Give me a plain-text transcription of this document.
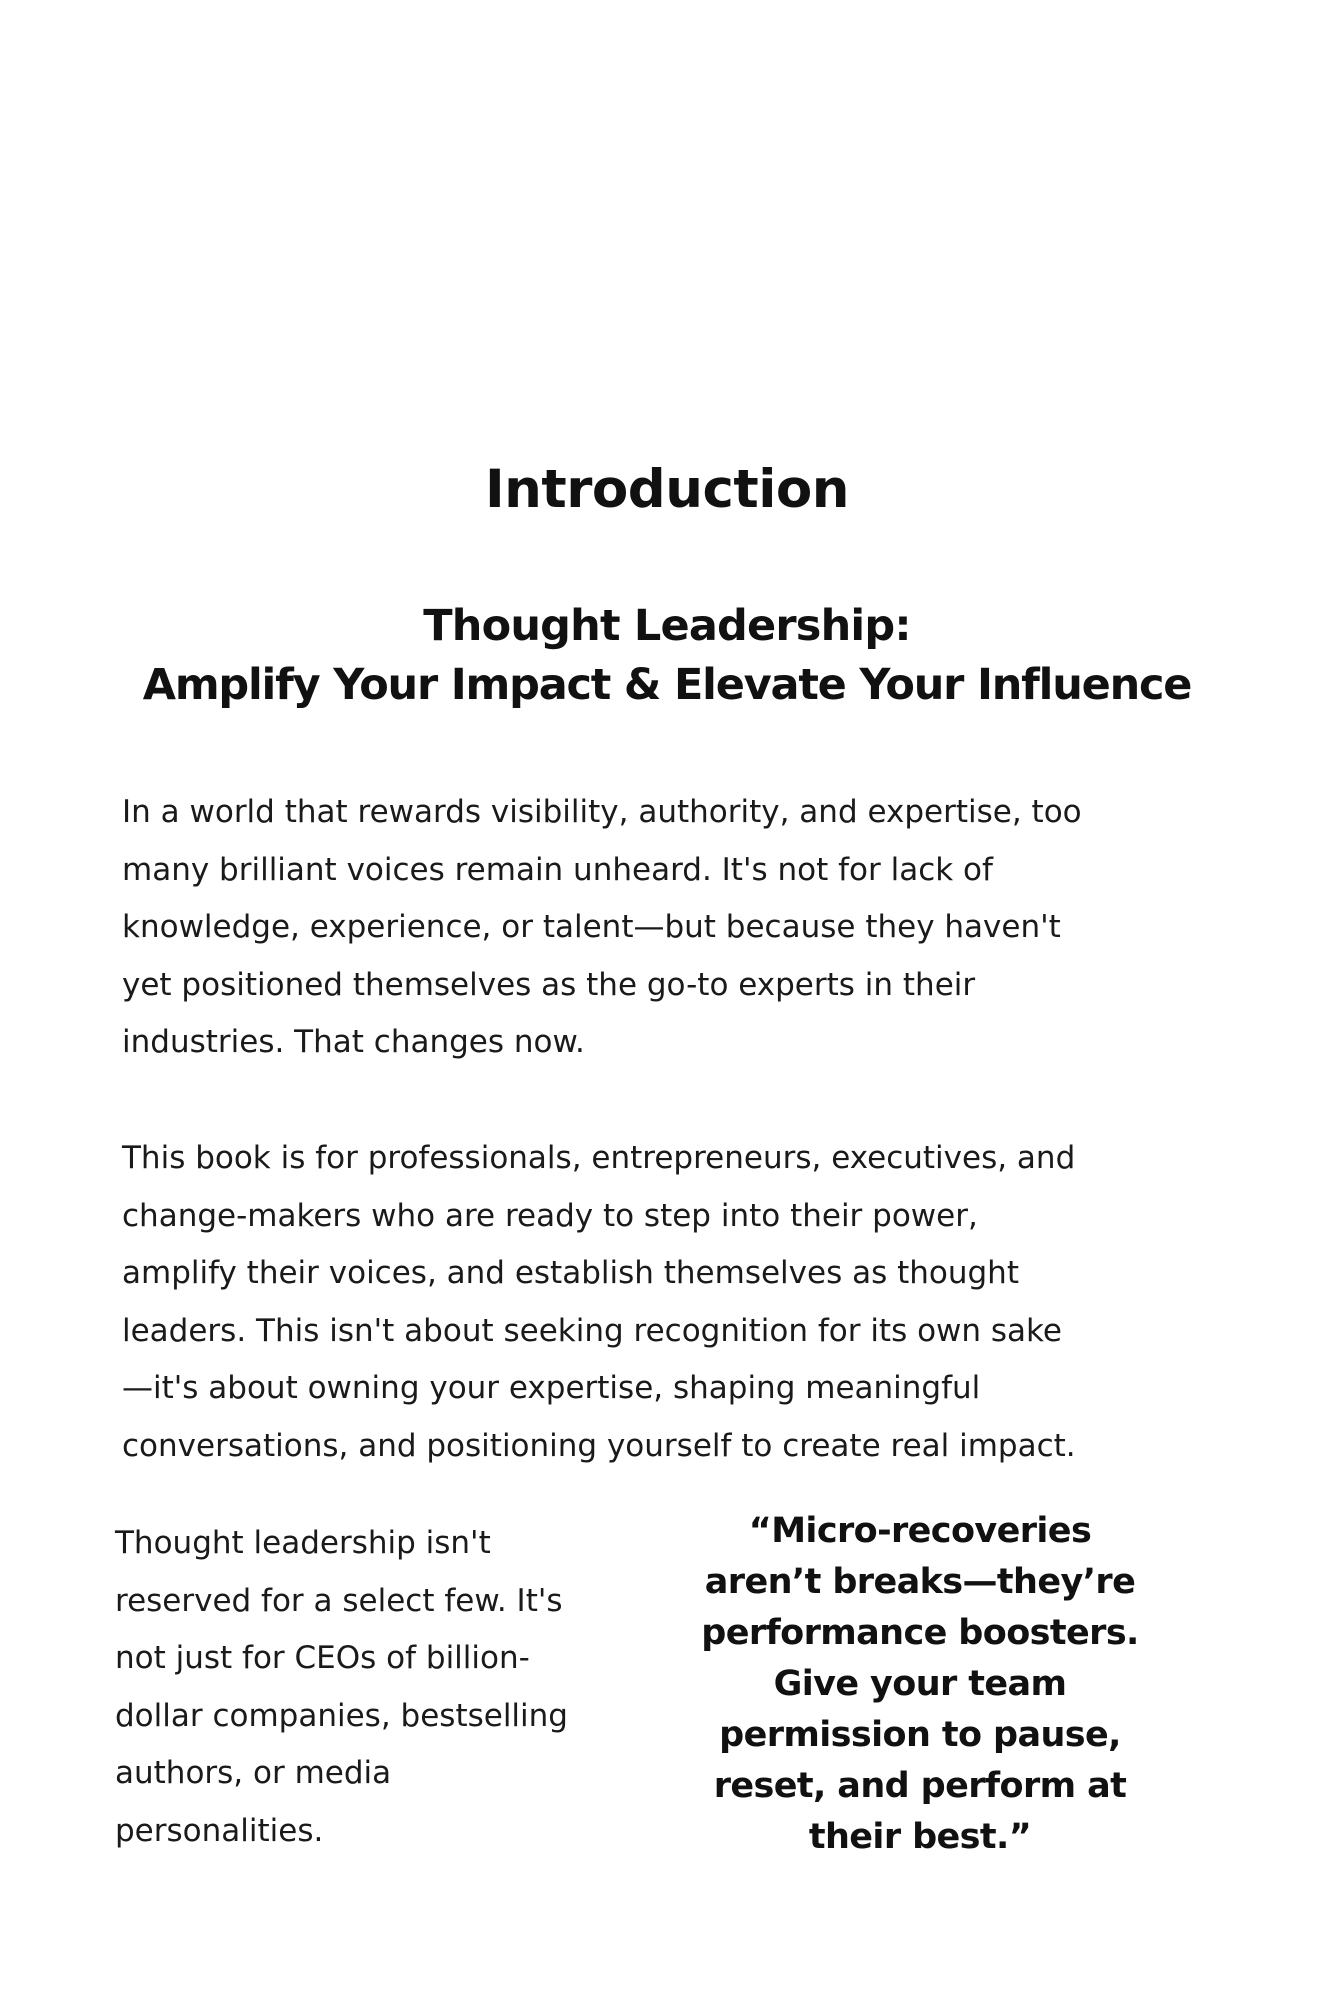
Introduction
Thought Leadership:
Amplify Your Impact & Elevate Your Influence

In a world that rewards visibility, authority, and expertise, too
many brilliant voices remain unheard. It's not for lack of
knowledge, experience, or talent—but because they haven't
yet positioned themselves as the go-to experts in their
industries. That changes now.

This book is for professionals, entrepreneurs, executives, and
change-makers who are ready to step into their power,
amplify their voices, and establish themselves as thought
leaders. This isn't about seeking recognition for its own sake
—it's about owning your expertise, shaping meaningful
conversations, and positioning yourself to create real impact.

Thought leadership isn't
reserved for a select few. It's
not just for CEOs of billion-
dollar companies, bestselling
authors, or media
personalities.

“Micro-recoveries
aren’t breaks—they’re
performance boosters.
Give your team
permission to pause,
reset, and perform at
their best.”
